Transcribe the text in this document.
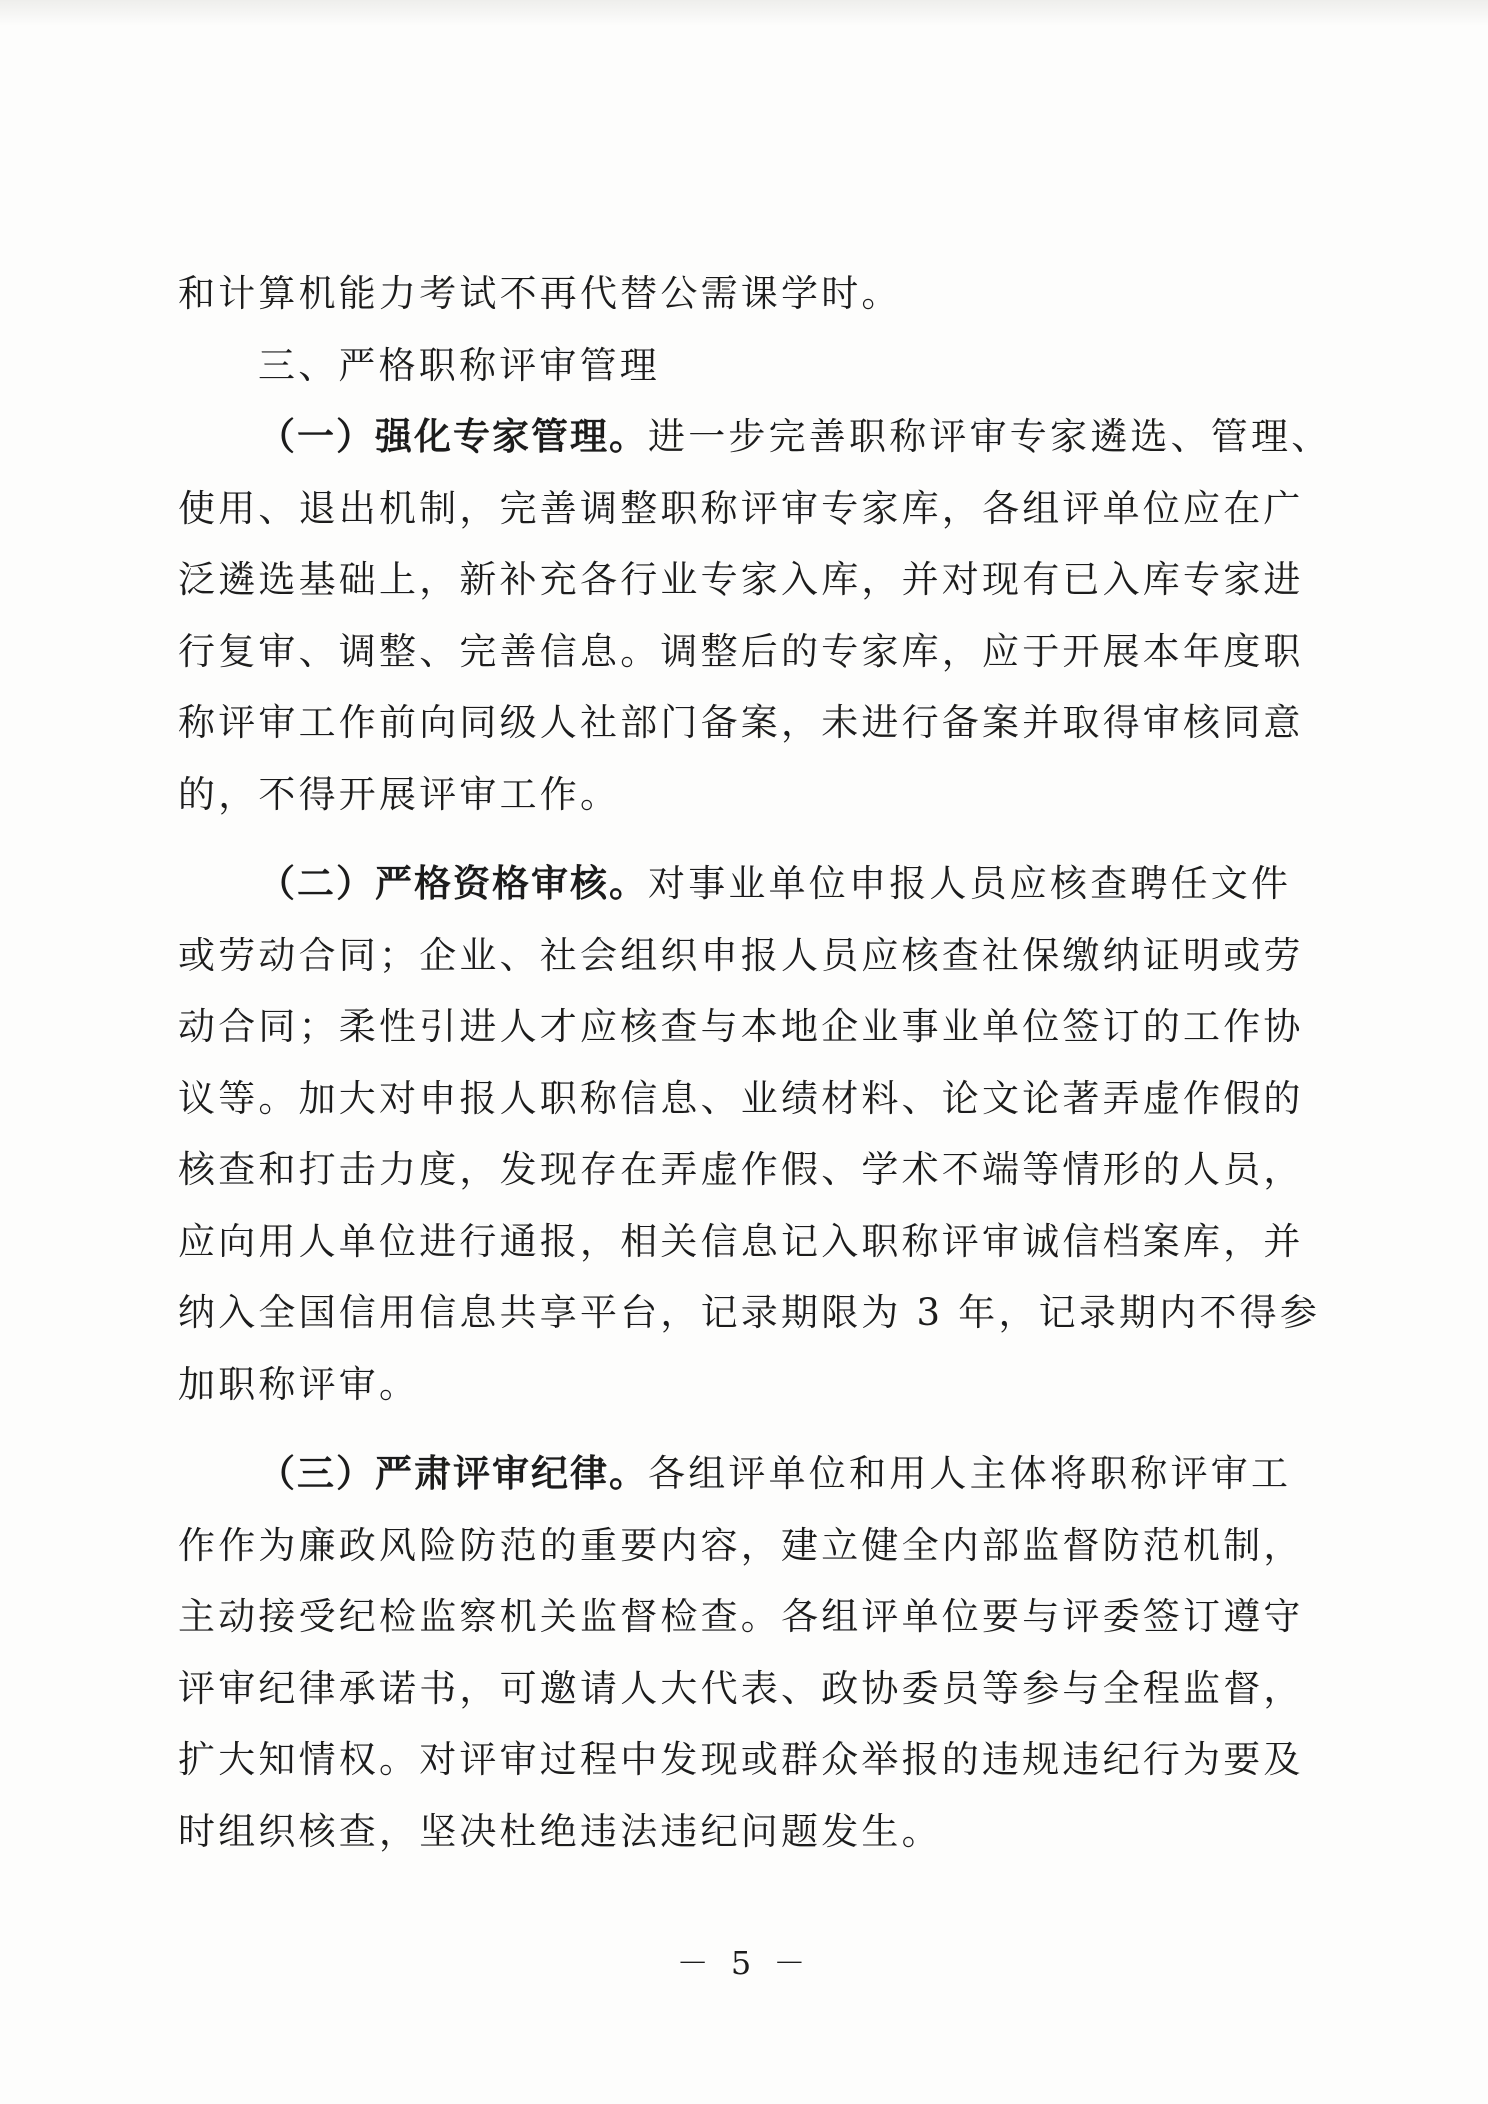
和计算机能力考试不再代替公需课学时。
三、严格职称评审管理
（一）强化专家管理。进一步完善职称评审专家遴选、管理、
使用、退出机制，完善调整职称评审专家库，各组评单位应在广
泛遴选基础上，新补充各行业专家入库，并对现有已入库专家进
行复审、调整、完善信息。调整后的专家库，应于开展本年度职
称评审工作前向同级人社部门备案，未进行备案并取得审核同意
的，不得开展评审工作。
（二）严格资格审核。对事业单位申报人员应核查聘任文件
或劳动合同；企业、社会组织申报人员应核查社保缴纳证明或劳
动合同；柔性引进人才应核查与本地企业事业单位签订的工作协
议等。加大对申报人职称信息、业绩材料、论文论著弄虚作假的
核查和打击力度，发现存在弄虚作假、学术不端等情形的人员，
应向用人单位进行通报，相关信息记入职称评审诚信档案库，并
纳入全国信用信息共享平台，记录期限为 3 年，记录期内不得参
加职称评审。
（三）严肃评审纪律。各组评单位和用人主体将职称评审工
作作为廉政风险防范的重要内容，建立健全内部监督防范机制，
主动接受纪检监察机关监督检查。各组评单位要与评委签订遵守
评审纪律承诺书，可邀请人大代表、政协委员等参与全程监督，
扩大知情权。对评审过程中发现或群众举报的违规违纪行为要及
时组织核查，坚决杜绝违法违纪问题发生。
－ 5 －
